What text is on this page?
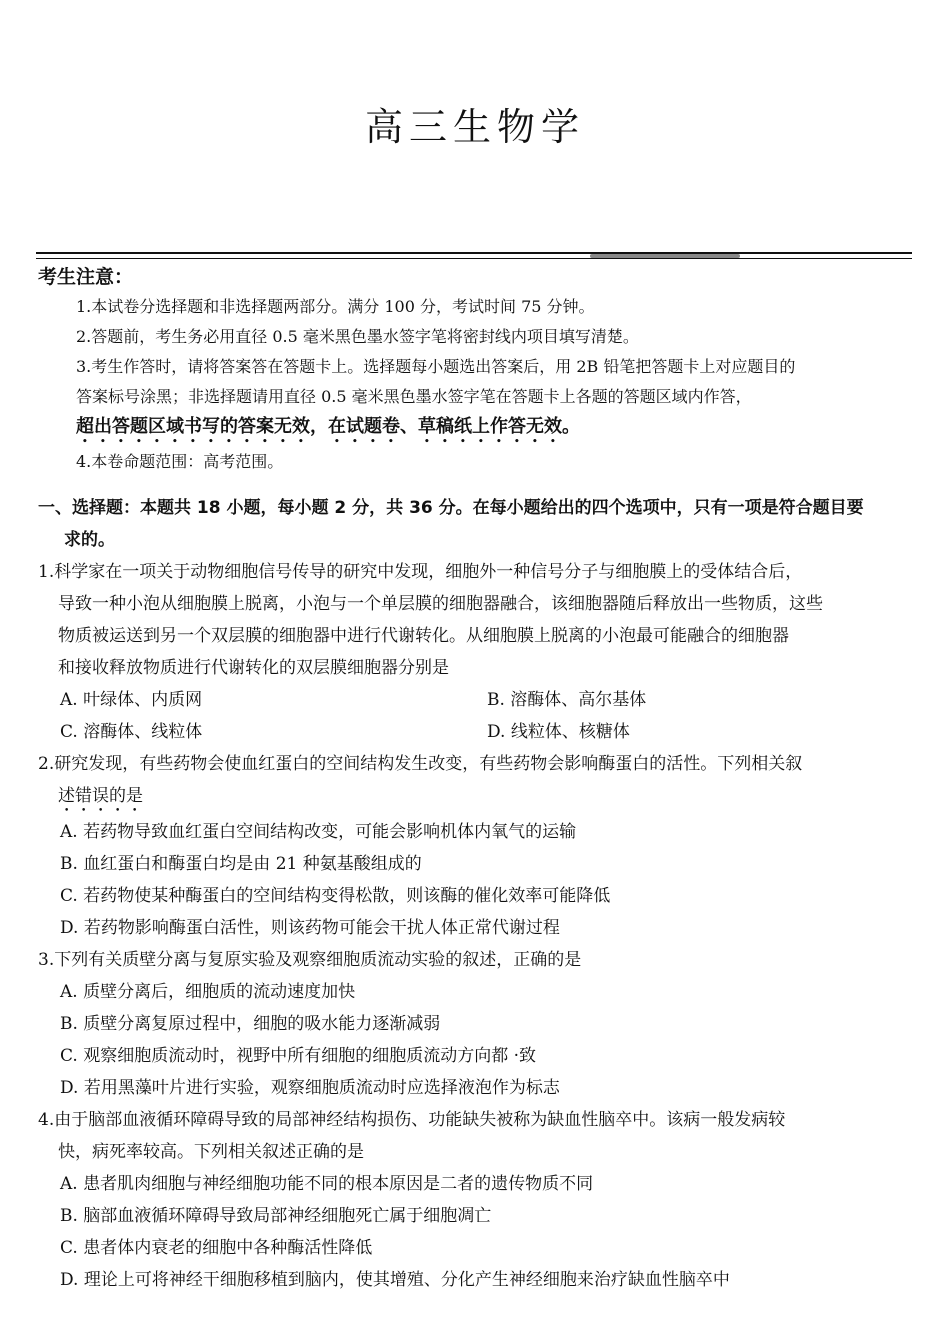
高三生物学
考生注意：
1.本试卷分选择题和非选择题两部分。满分 100 分，考试时间 75 分钟。
2.答题前，考生务必用直径 0.5 毫米黑色墨水签字笔将密封线内项目填写清楚。
3.考生作答时，请将答案答在答题卡上。选择题每小题选出答案后，用 2B 铅笔把答题卡上对应题目的
答案标号涂黑；非选择题请用直径 0.5 毫米黑色墨水签字笔在答题卡上各题的答题区域内作答，
超出答题区域书写的答案无效，在试题卷、草稿纸上作答无效。
4.本卷命题范围：高考范围。
一、选择题：本题共 18 小题，每小题 2 分，共 36 分。在每小题给出的四个选项中，只有一项是符合题目要
求的。
1.科学家在一项关于动物细胞信号传导的研究中发现，细胞外一种信号分子与细胞膜上的受体结合后，
导致一种小泡从细胞膜上脱离，小泡与一个单层膜的细胞器融合，该细胞器随后释放出一些物质，这些
物质被运送到另一个双层膜的细胞器中进行代谢转化。从细胞膜上脱离的小泡最可能融合的细胞器
和接收释放物质进行代谢转化的双层膜细胞器分别是
A. 叶绿体、内质网	B. 溶酶体、高尔基体
C. 溶酶体、线粒体	D. 线粒体、核糖体
2.研究发现，有些药物会使血红蛋白的空间结构发生改变，有些药物会影响酶蛋白的活性。下列相关叙
述错误的是
A. 若药物导致血红蛋白空间结构改变，可能会影响机体内氧气的运输
B. 血红蛋白和酶蛋白均是由 21 种氨基酸组成的
C. 若药物使某种酶蛋白的空间结构变得松散，则该酶的催化效率可能降低
D. 若药物影响酶蛋白活性，则该药物可能会干扰人体正常代谢过程
3.下列有关质壁分离与复原实验及观察细胞质流动实验的叙述，正确的是
A. 质壁分离后，细胞质的流动速度加快
B. 质壁分离复原过程中，细胞的吸水能力逐渐减弱
C. 观察细胞质流动时，视野中所有细胞的细胞质流动方向都 ·致
D. 若用黑藻叶片进行实验，观察细胞质流动时应选择液泡作为标志
4.由于脑部血液循环障碍导致的局部神经结构损伤、功能缺失被称为缺血性脑卒中。该病一般发病较
快，病死率较高。下列相关叙述正确的是
A. 患者肌肉细胞与神经细胞功能不同的根本原因是二者的遗传物质不同
B. 脑部血液循环障碍导致局部神经细胞死亡属于细胞凋亡
C. 患者体内衰老的细胞中各种酶活性降低
D. 理论上可将神经干细胞移植到脑内，使其增殖、分化产生神经细胞来治疗缺血性脑卒中
